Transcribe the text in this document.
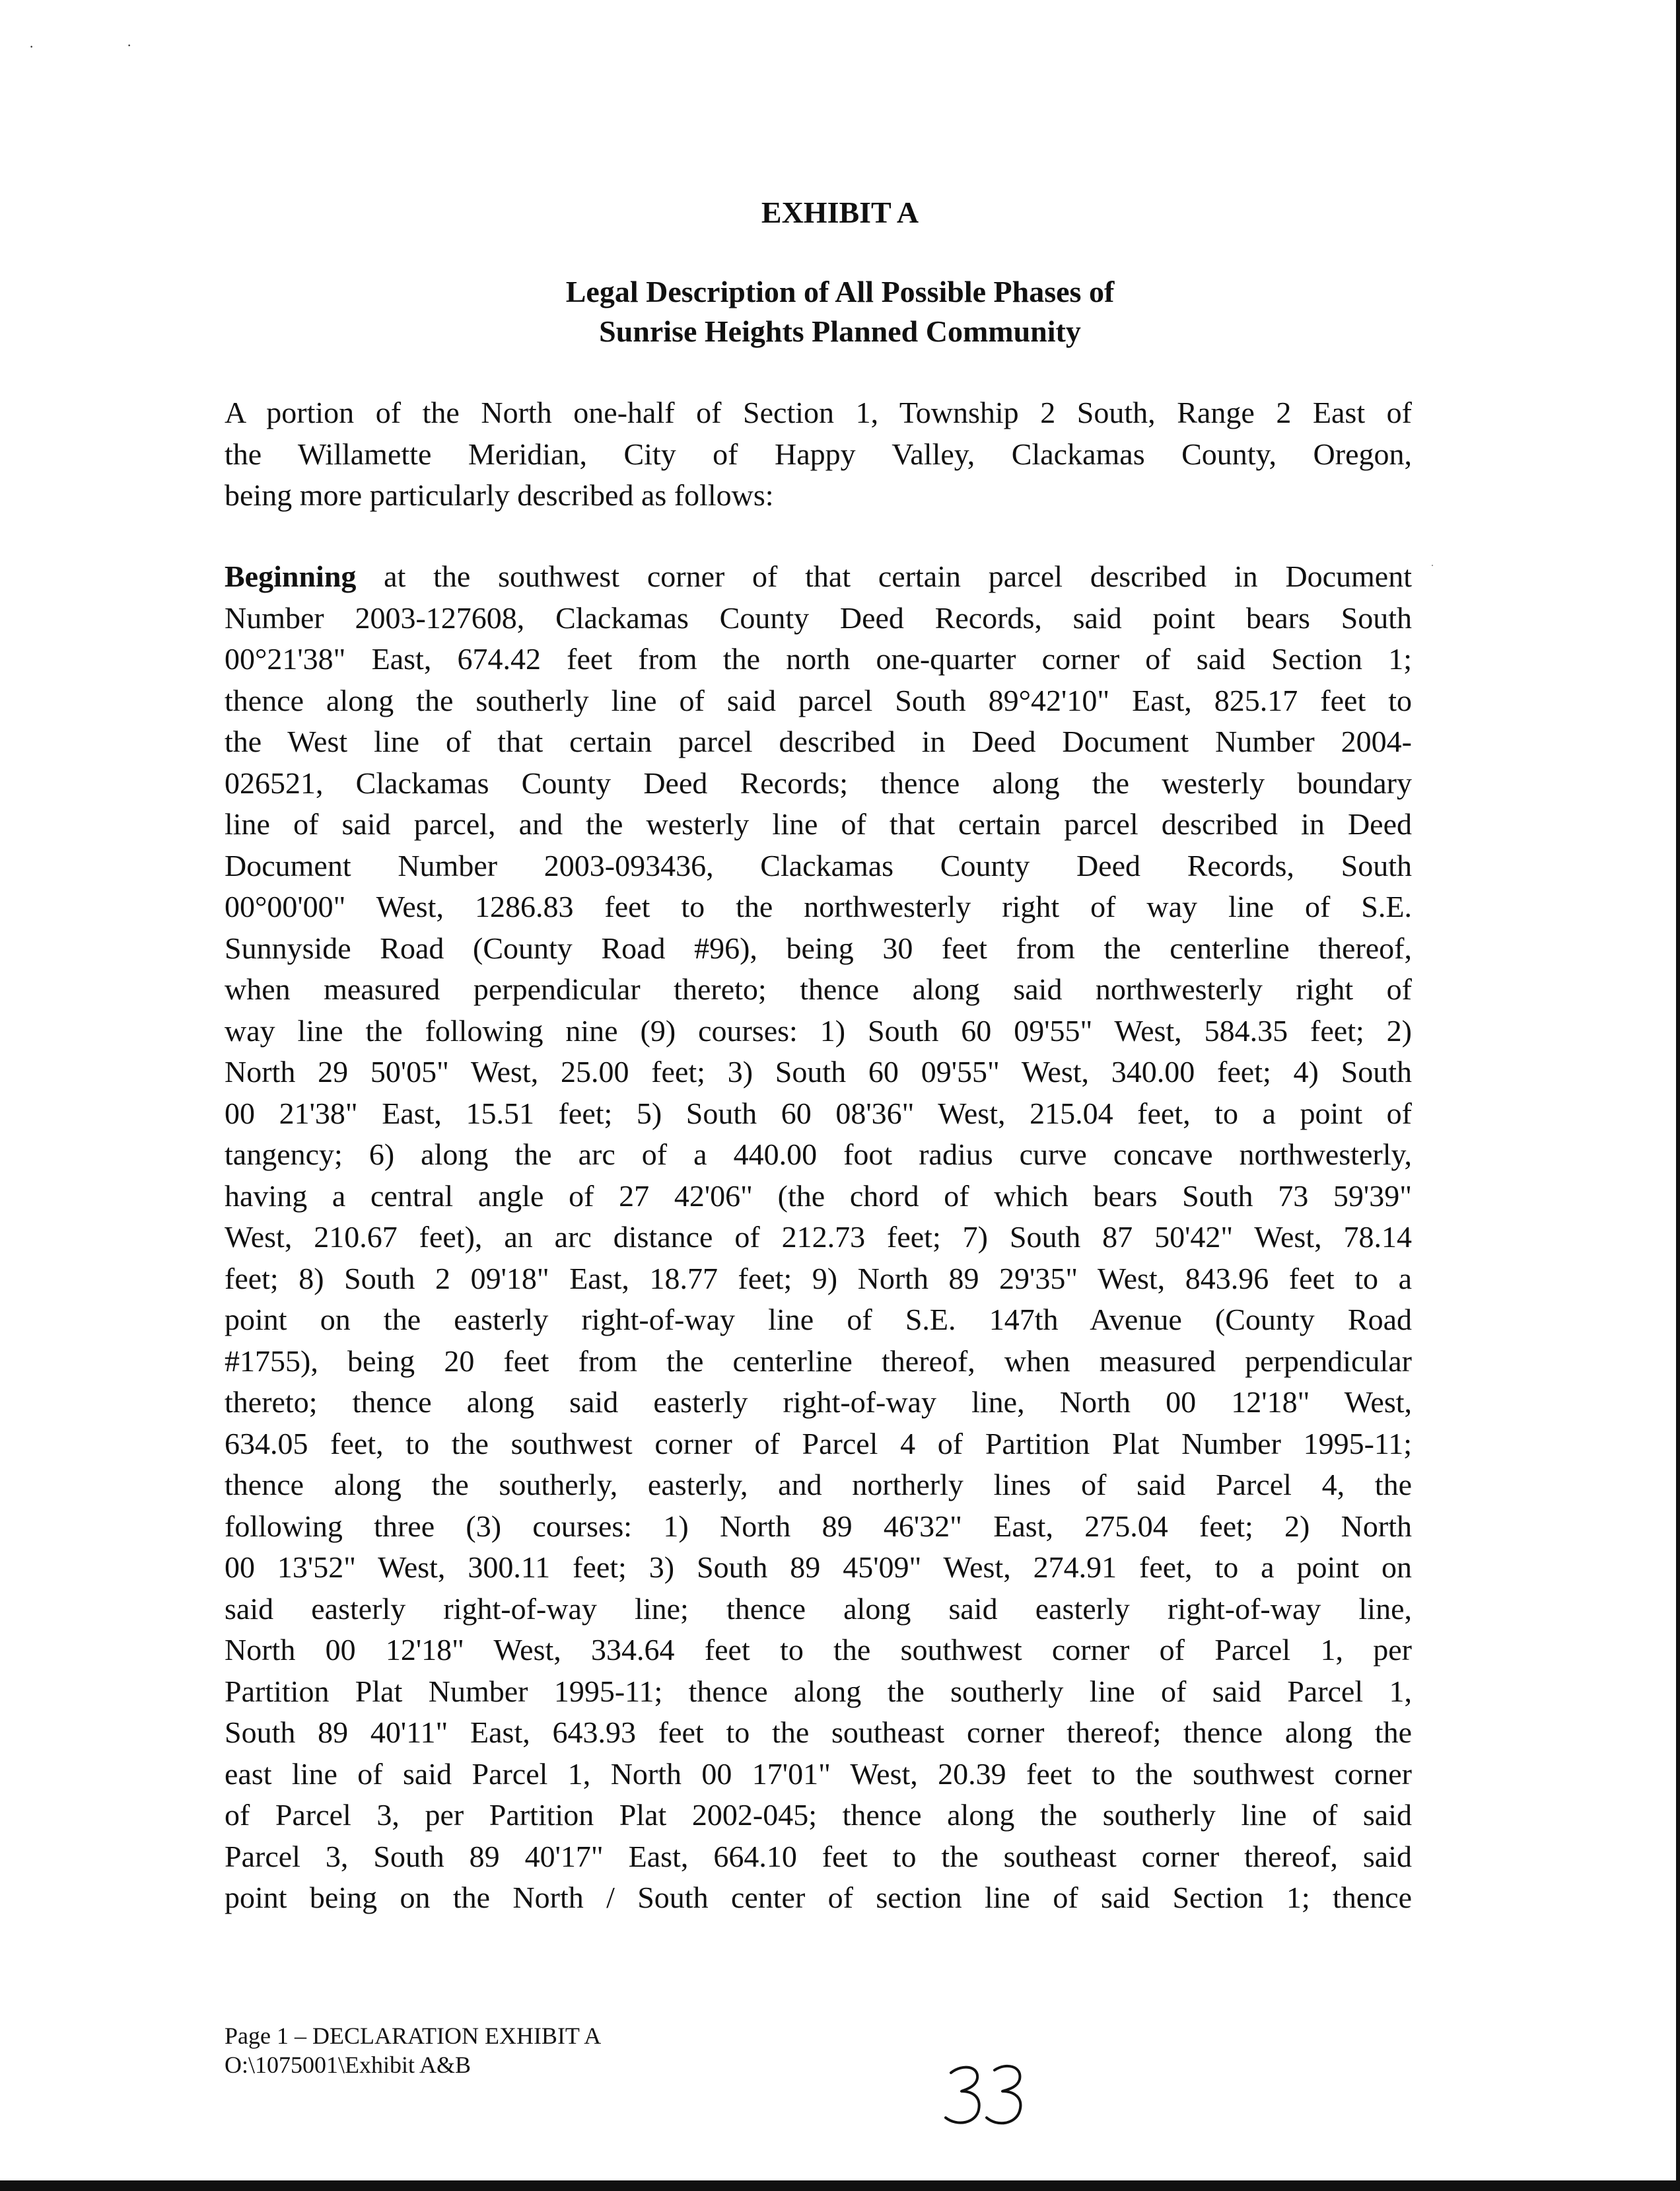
·	·
·
EXHIBIT A
Legal Description of All Possible Phases of
Sunrise Heights Planned Community
A portion of the North one-half of Section 1, Township 2 South, Range 2 East of
the Willamette Meridian, City of Happy Valley, Clackamas County, Oregon,
being more particularly described as follows:
Beginning at the southwest corner of that certain parcel described in Document
Number 2003-127608, Clackamas County Deed Records, said point bears South
00°21'38" East, 674.42 feet from the north one-quarter corner of said Section 1;
thence along the southerly line of said parcel South 89°42'10" East, 825.17 feet to
the West line of that certain parcel described in Deed Document Number 2004-
026521, Clackamas County Deed Records; thence along the westerly boundary
line of said parcel, and the westerly line of that certain parcel described in Deed
Document Number 2003-093436, Clackamas County Deed Records, South
00°00'00" West, 1286.83 feet to the northwesterly right of way line of S.E.
Sunnyside Road (County Road #96), being 30 feet from the centerline thereof,
when measured perpendicular thereto; thence along said northwesterly right of
way line the following nine (9) courses: 1) South 60 09'55" West, 584.35 feet; 2)
North 29 50'05" West, 25.00 feet; 3) South 60 09'55" West, 340.00 feet; 4) South
00 21'38" East, 15.51 feet; 5) South 60 08'36" West, 215.04 feet, to a point of
tangency; 6) along the arc of a 440.00 foot radius curve concave northwesterly,
having a central angle of 27 42'06" (the chord of which bears South 73 59'39"
West, 210.67 feet), an arc distance of 212.73 feet; 7) South 87 50'42" West, 78.14
feet; 8) South 2 09'18" East, 18.77 feet; 9) North 89 29'35" West, 843.96 feet to a
point on the easterly right-of-way line of S.E. 147th Avenue (County Road
#1755), being 20 feet from the centerline thereof, when measured perpendicular
thereto; thence along said easterly right-of-way line, North 00 12'18" West,
634.05 feet, to the southwest corner of Parcel 4 of Partition Plat Number 1995-11;
thence along the southerly, easterly, and northerly lines of said Parcel 4, the
following three (3) courses: 1) North 89 46'32" East, 275.04 feet; 2) North
00 13'52" West, 300.11 feet; 3) South 89 45'09" West, 274.91 feet, to a point on
said easterly right-of-way line; thence along said easterly right-of-way line,
North 00 12'18" West, 334.64 feet to the southwest corner of Parcel 1, per
Partition Plat Number 1995-11; thence along the southerly line of said Parcel 1,
South 89 40'11" East, 643.93 feet to the southeast corner thereof; thence along the
east line of said Parcel 1, North 00 17'01" West, 20.39 feet to the southwest corner
of Parcel 3, per Partition Plat 2002-045; thence along the southerly line of said
Parcel 3, South 89 40'17" East, 664.10 feet to the southeast corner thereof, said
point being on the North / South center of section line of said Section 1; thence
Page 1 – DECLARATION EXHIBIT A
O:\1075001\Exhibit A&B
